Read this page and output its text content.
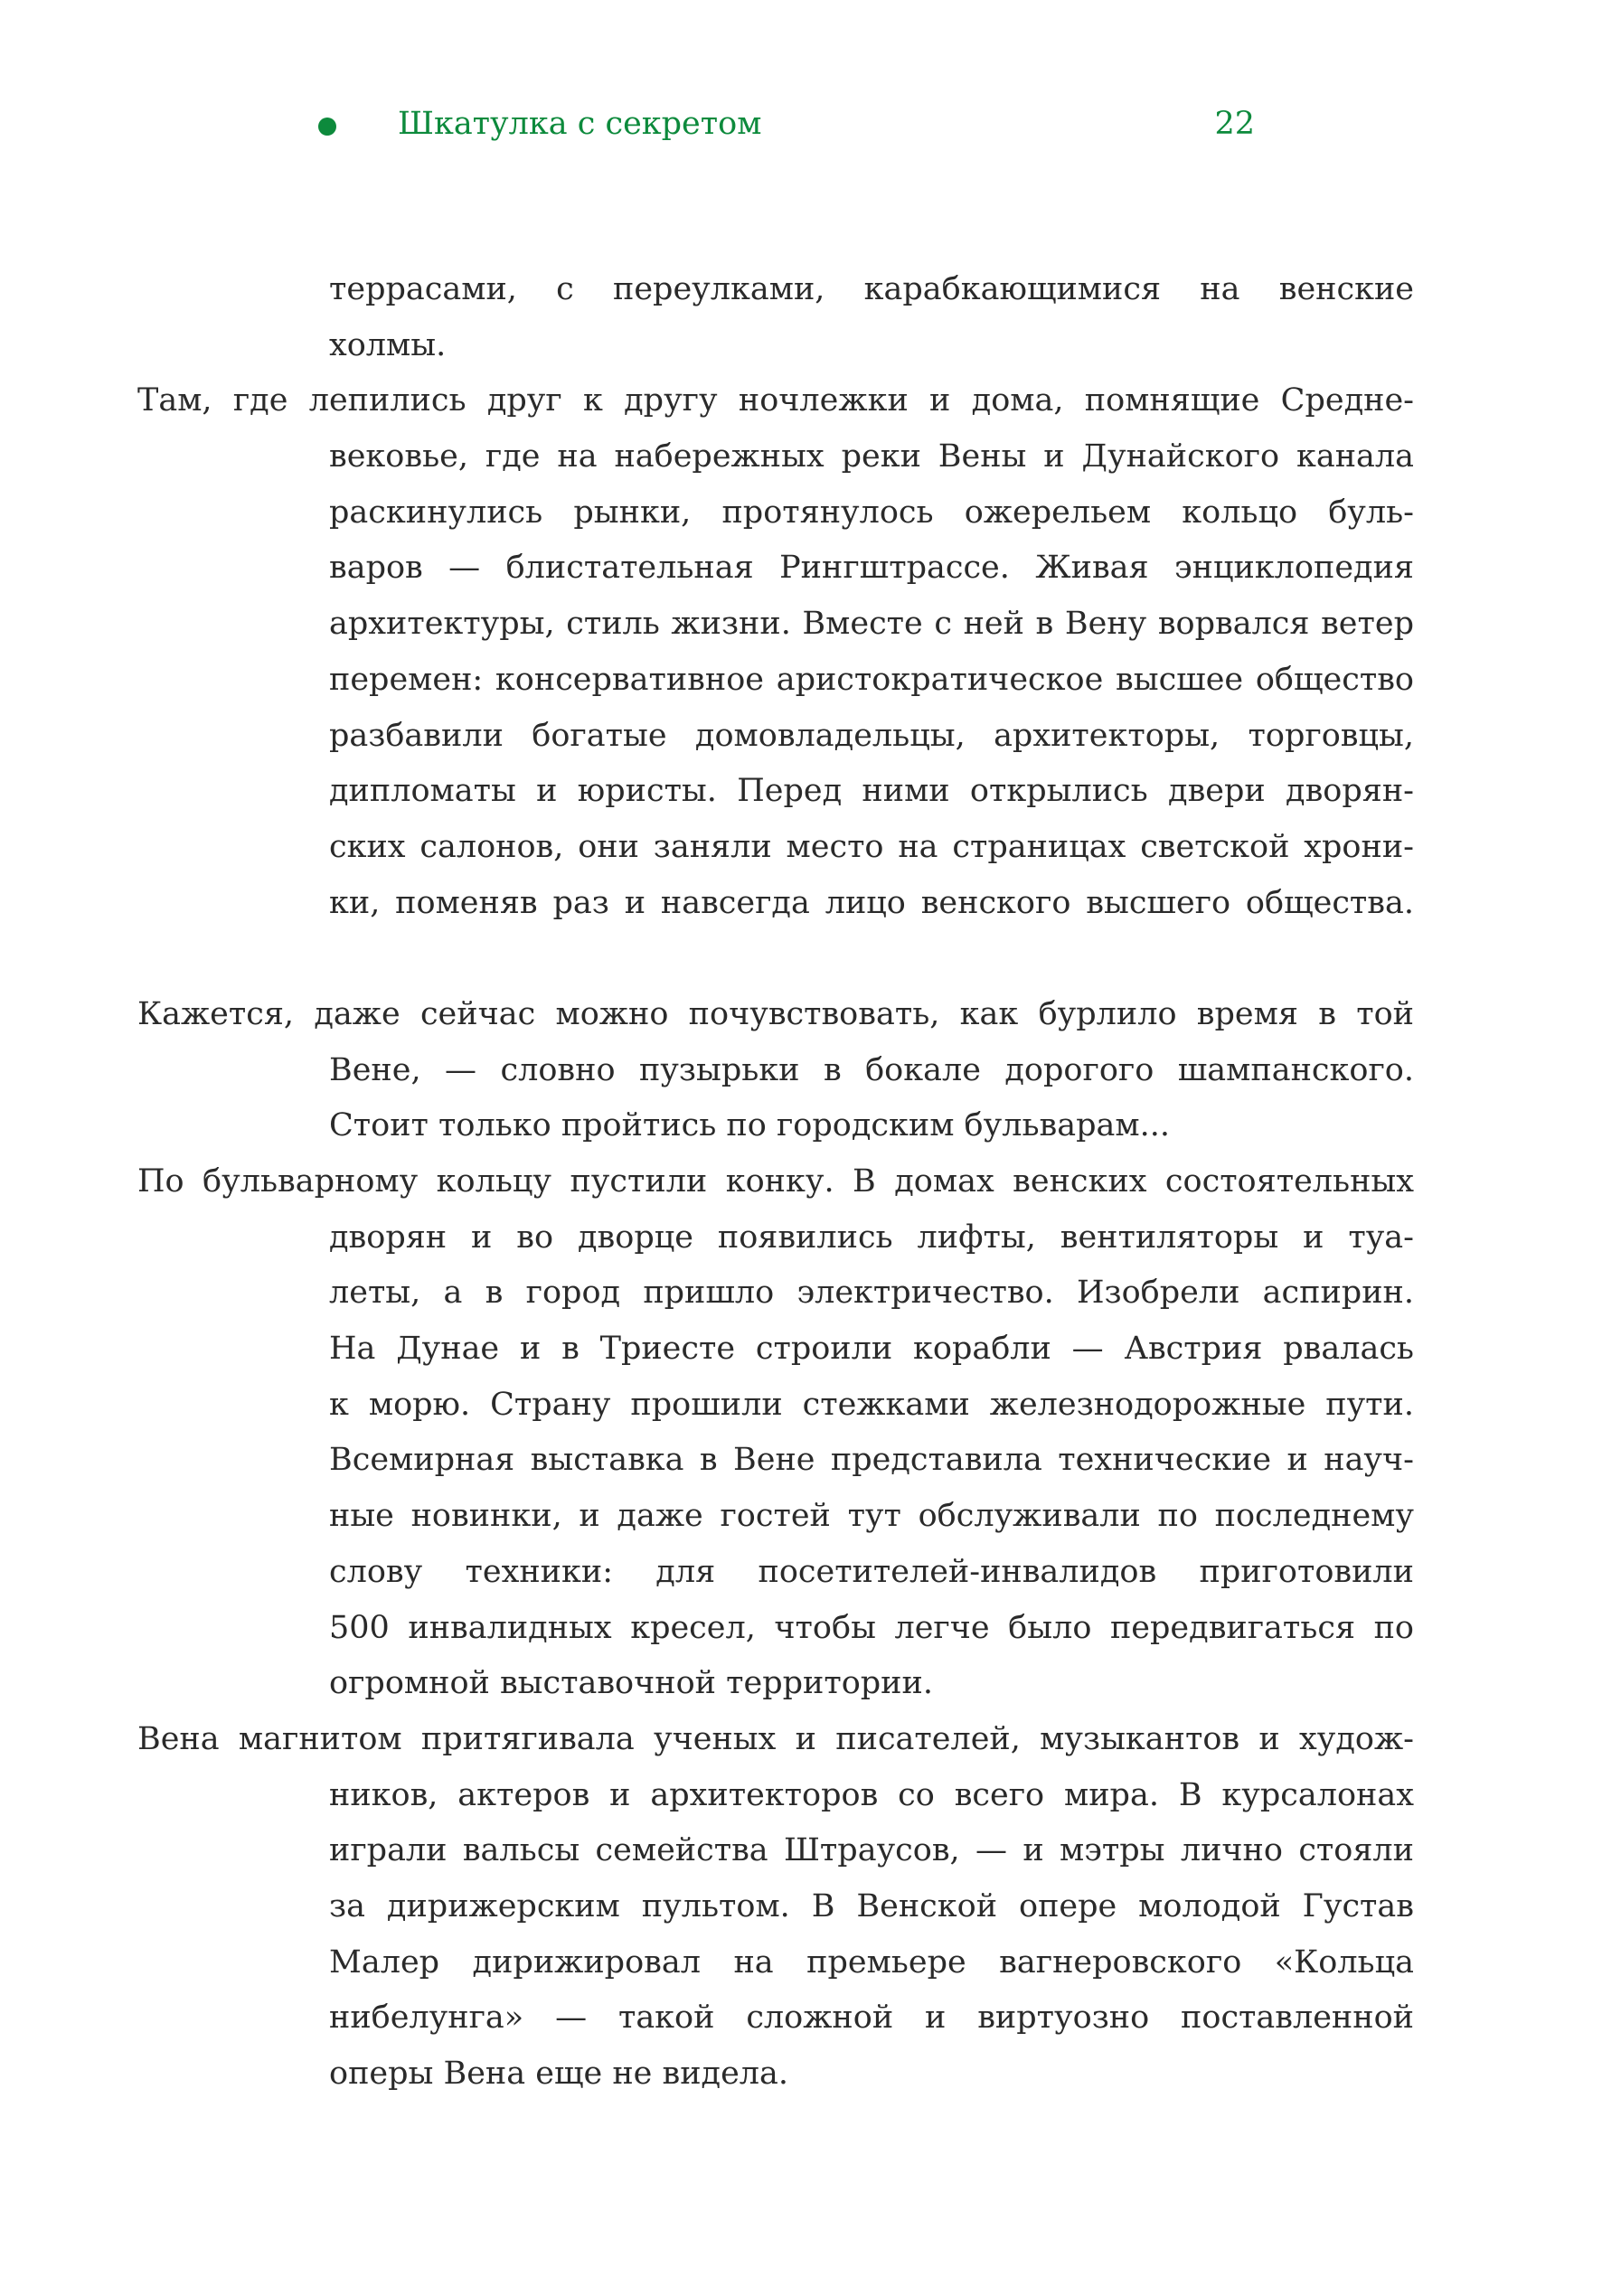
Шкатулка с секретом	22
террасами, с переулками, карабкающимися на венские
холмы.
Там, где лепились друг к другу ночлежки и дома, помнящие Средне-
вековье, где на набережных реки Вены и Дунайского канала
раскинулись рынки, протянулось ожерельем кольцо буль-
варов — блистательная Рингштрассе. Живая энциклопедия
архитектуры, стиль жизни. Вместе с ней в Вену ворвался ветер
перемен: консервативное аристократическое высшее общество
разбавили богатые домовладельцы, архитекторы, торговцы,
дипломаты и юристы. Перед ними открылись двери дворян-
ских салонов, они заняли место на страницах светской хрони-
ки, поменяв раз и навсегда лицо венского высшего общества.
Кажется, даже сейчас можно почувствовать, как бурлило время в той
Вене, — словно пузырьки в бокале дорогого шампанского.
Стоит только пройтись по городским бульварам...
По бульварному кольцу пустили конку. В домах венских состоятельных
дворян и во дворце появились лифты, вентиляторы и туа-
леты, а в город пришло электричество. Изобрели аспирин.
На Дунае и в Триесте строили корабли — Австрия рвалась
к морю. Страну прошили стежками железнодорожные пути.
Всемирная выставка в Вене представила технические и науч-
ные новинки, и даже гостей тут обслуживали по последнему
слову техники: для посетителей-инвалидов приготовили
500 инвалидных кресел, чтобы легче было передвигаться по
огромной выставочной территории.
Вена магнитом притягивала ученых и писателей, музыкантов и худож-
ников, актеров и архитекторов со всего мира. В курсалонах
играли вальсы семейства Штраусов, — и мэтры лично стояли
за дирижерским пультом. В Венской опере молодой Густав
Малер дирижировал на премьере вагнеровского «Кольца
нибелунга» — такой сложной и виртуозно поставленной
оперы Вена еще не видела.
